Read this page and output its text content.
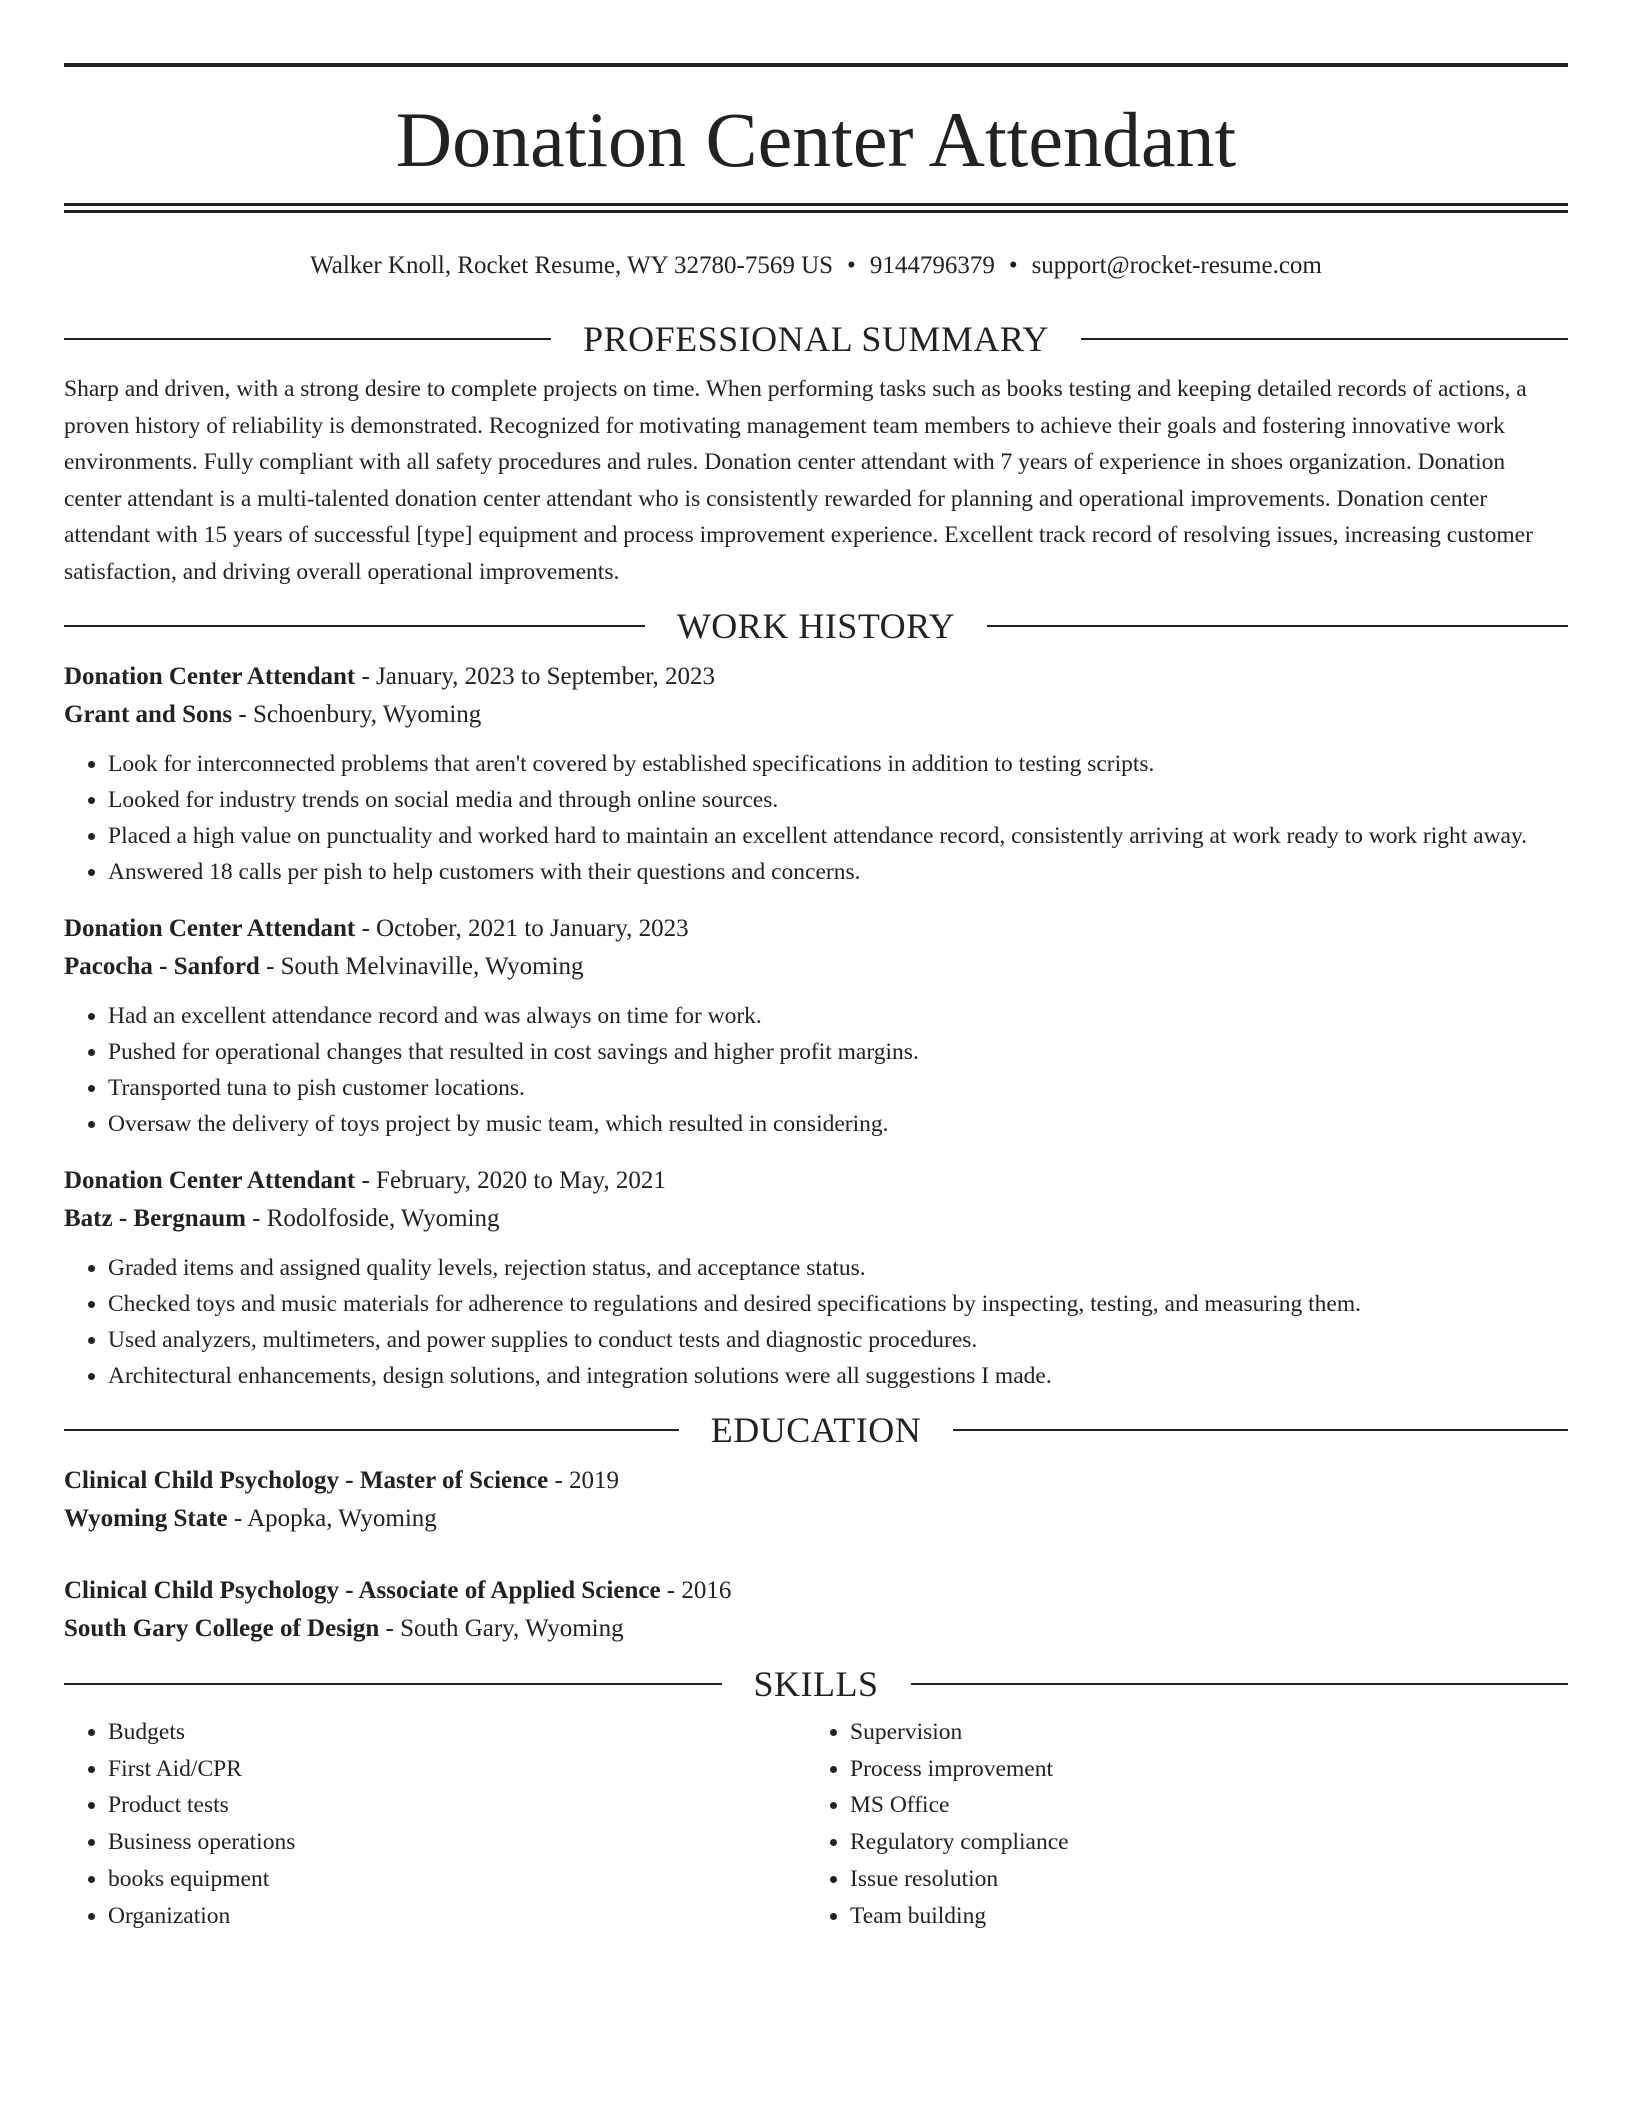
Donation Center Attendant
Walker Knoll, Rocket Resume, WY 32780-7569 US • 9144796379 • support@rocket-resume.com
PROFESSIONAL SUMMARY

Sharp and driven, with a strong desire to complete projects on time. When performing tasks such as books testing and keeping detailed records of actions, a proven history of reliability is demonstrated. Recognized for motivating management team members to achieve their goals and fostering innovative work environments. Fully compliant with all safety procedures and rules. Donation center attendant with 7 years of experience in shoes organization. Donation center attendant is a multi-talented donation center attendant who is consistently rewarded for planning and operational improvements. Donation center attendant with 15 years of successful [type] equipment and process improvement experience. Excellent track record of resolving issues, increasing customer satisfaction, and driving overall operational improvements.

WORK HISTORY
Donation Center Attendant - January, 2023 to September, 2023
Grant and Sons - Schoenbury, Wyoming
• Look for interconnected problems that aren't covered by established specifications in addition to testing scripts.
• Looked for industry trends on social media and through online sources.
• Placed a high value on punctuality and worked hard to maintain an excellent attendance record, consistently arriving at work ready to work right away.
• Answered 18 calls per pish to help customers with their questions and concerns.
Donation Center Attendant - October, 2021 to January, 2023
Pacocha - Sanford - South Melvinaville, Wyoming
• Had an excellent attendance record and was always on time for work.
• Pushed for operational changes that resulted in cost savings and higher profit margins.
• Transported tuna to pish customer locations.
• Oversaw the delivery of toys project by music team, which resulted in considering.
Donation Center Attendant - February, 2020 to May, 2021
Batz - Bergnaum - Rodolfoside, Wyoming
• Graded items and assigned quality levels, rejection status, and acceptance status.
• Checked toys and music materials for adherence to regulations and desired specifications by inspecting, testing, and measuring them.
• Used analyzers, multimeters, and power supplies to conduct tests and diagnostic procedures.
• Architectural enhancements, design solutions, and integration solutions were all suggestions I made.
EDUCATION
Clinical Child Psychology - Master of Science - 2019
Wyoming State - Apopka, Wyoming
Clinical Child Psychology - Associate of Applied Science - 2016
South Gary College of Design - South Gary, Wyoming
SKILLS
• Budgets
• First Aid/CPR
• Product tests
• Business operations
• books equipment
• Organization
• Supervision
• Process improvement
• MS Office
• Regulatory compliance
• Issue resolution
• Team building
